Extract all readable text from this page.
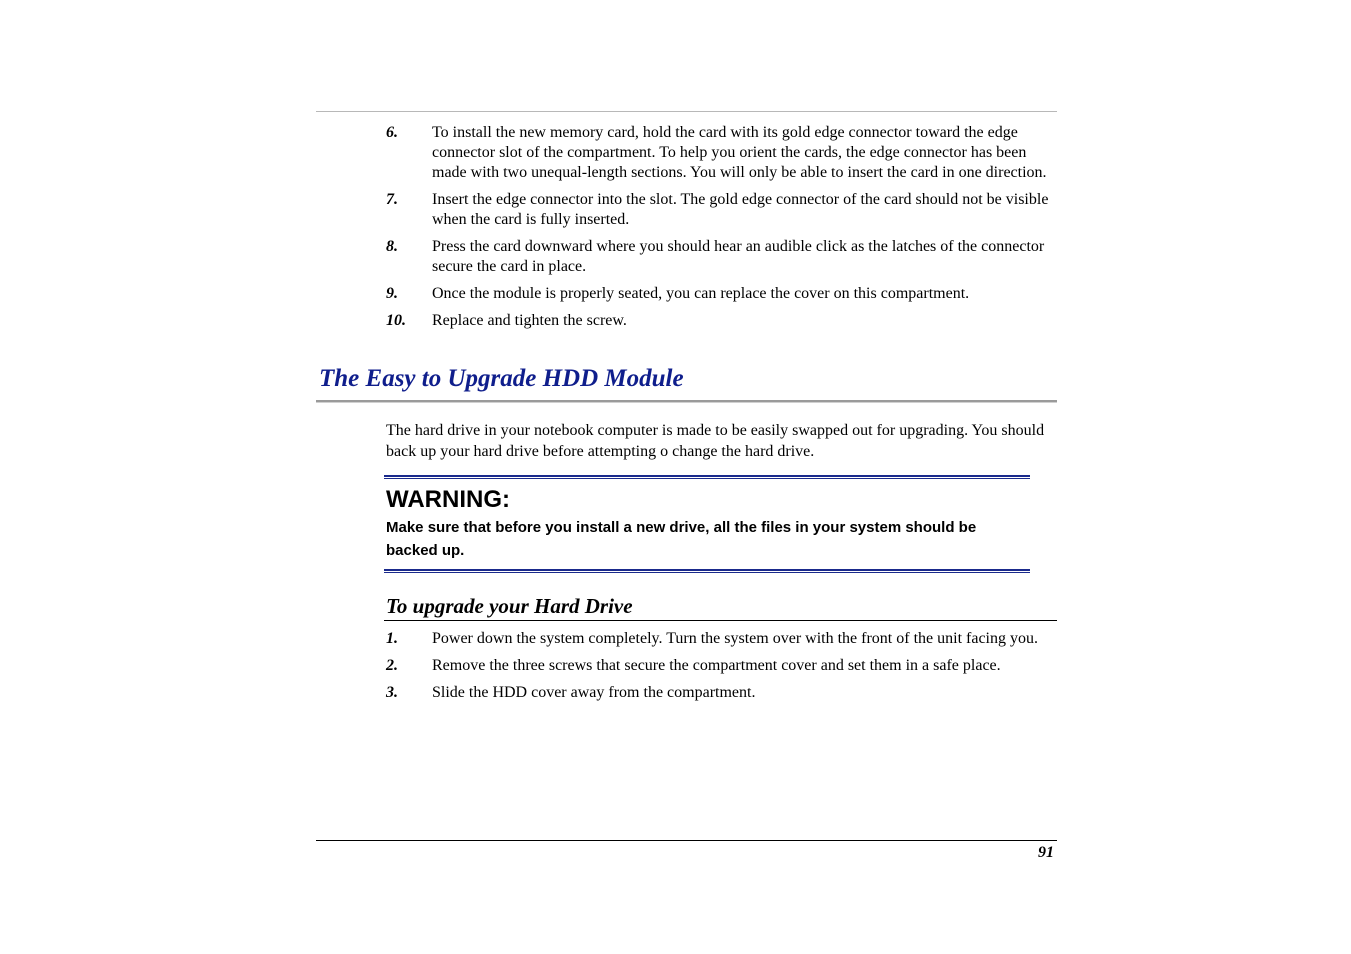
6. To install the new memory card, hold the card with its gold edge connector toward the edge connector slot of the compartment. To help you orient the cards, the edge connector has been made with two unequal-length sections. You will only be able to insert the card in one direction.
7. Insert the edge connector into the slot. The gold edge connector of the card should not be visible when the card is fully inserted.
8. Press the card downward where you should hear an audible click as the latches of the connector secure the card in place.
9. Once the module is properly seated, you can replace the cover on this compartment.
10. Replace and tighten the screw.
The Easy to Upgrade HDD Module

The hard drive in your notebook computer is made to be easily swapped out for upgrading. You should back up your hard drive before attempting o change the hard drive.

WARNING:

Make sure that before you install a new drive, all the files in your system should be backed up.

To upgrade your Hard Drive
1. Power down the system completely. Turn the system over with the front of the unit facing you.
2. Remove the three screws that secure the compartment cover and set them in a safe place.
3. Slide the HDD cover away from the compartment.
91
